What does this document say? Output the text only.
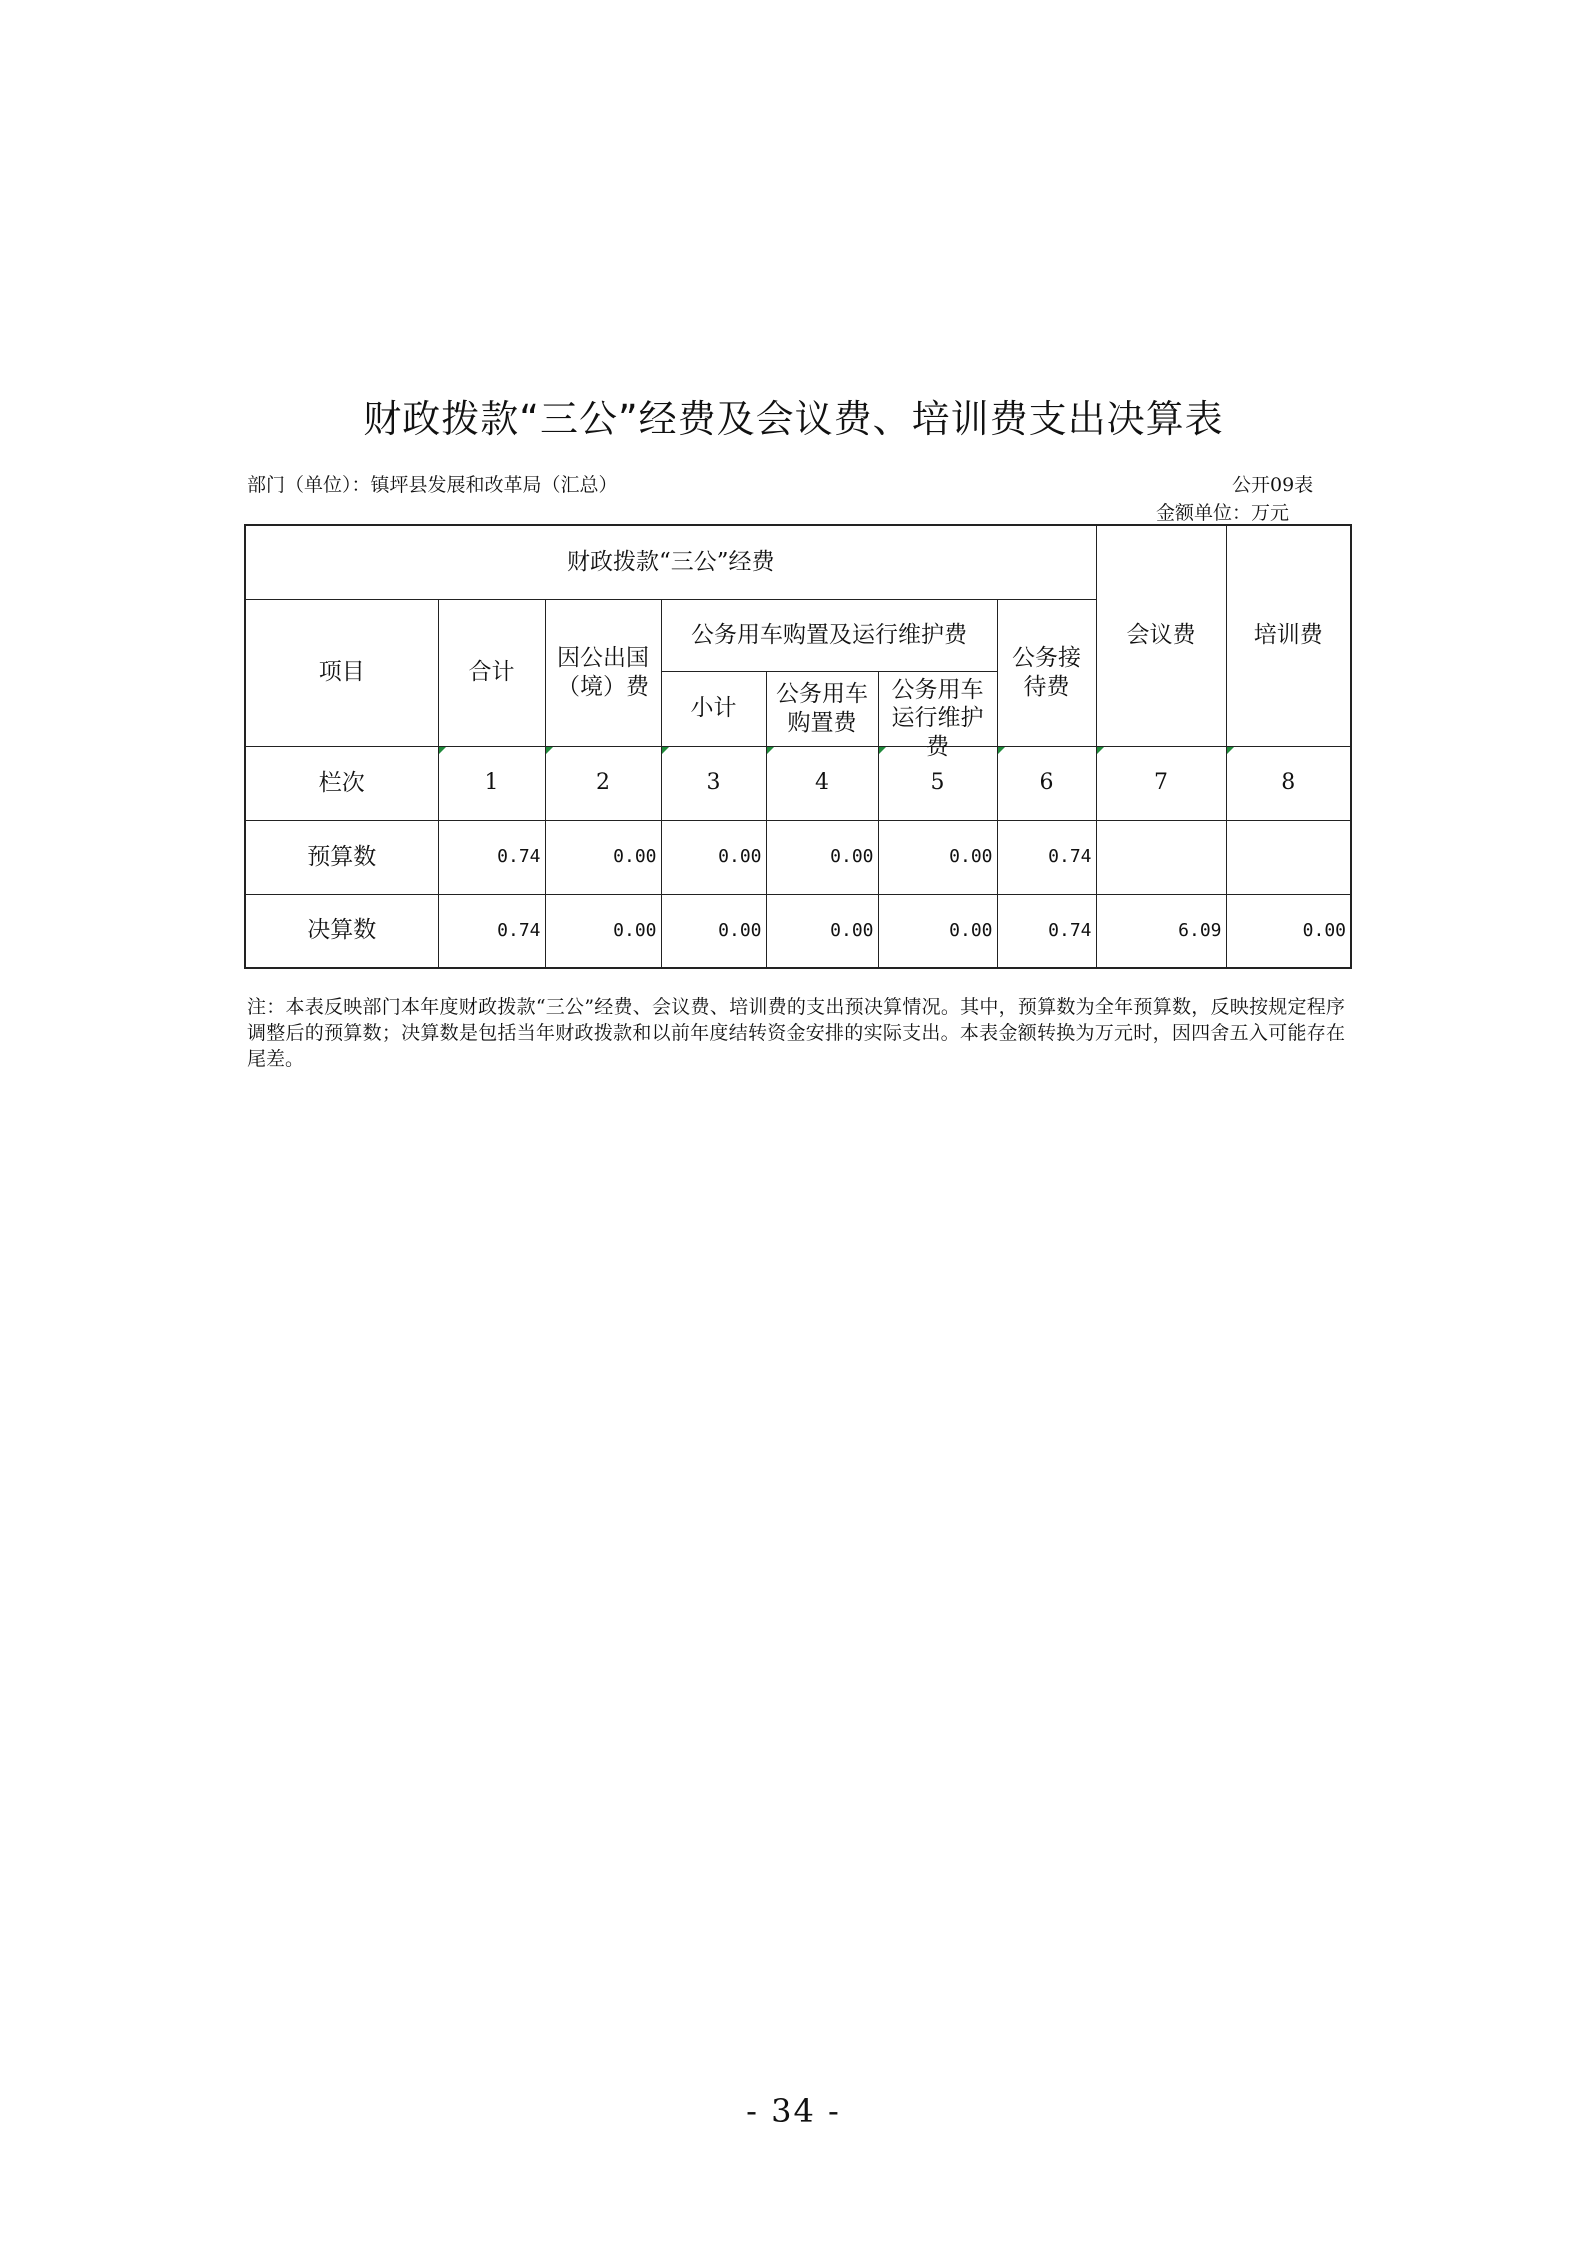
财政拨款“三公”经费及会议费、培训费支出决算表
部门（单位）：镇坪县发展和改革局（汇总）	公开09表
金额单位：万元
财政拨款“三公”经费							会议费	培训费
项目	合计	因公出国（境）费	公务用车购置及运行维护费			公务接待费		
			小计	公务用车购置费	公务用车运行维护费			

栏次	1	2	3	4	5	6	7	8
预算数	0.74	0.00	0.00	0.00	0.00	0.74		
决算数	0.74	0.00	0.00	0.00	0.00	0.74	6.09	0.00
注：本表反映部门本年度财政拨款“三公”经费、会议费、培训费的支出预决算情况。其中，预算数为全年预算数，反映按规定程序调整后的预算数；决算数是包括当年财政拨款和以前年度结转资金安排的实际支出。本表金额转换为万元时，因四舍五入可能存在尾差。
- 34 -
